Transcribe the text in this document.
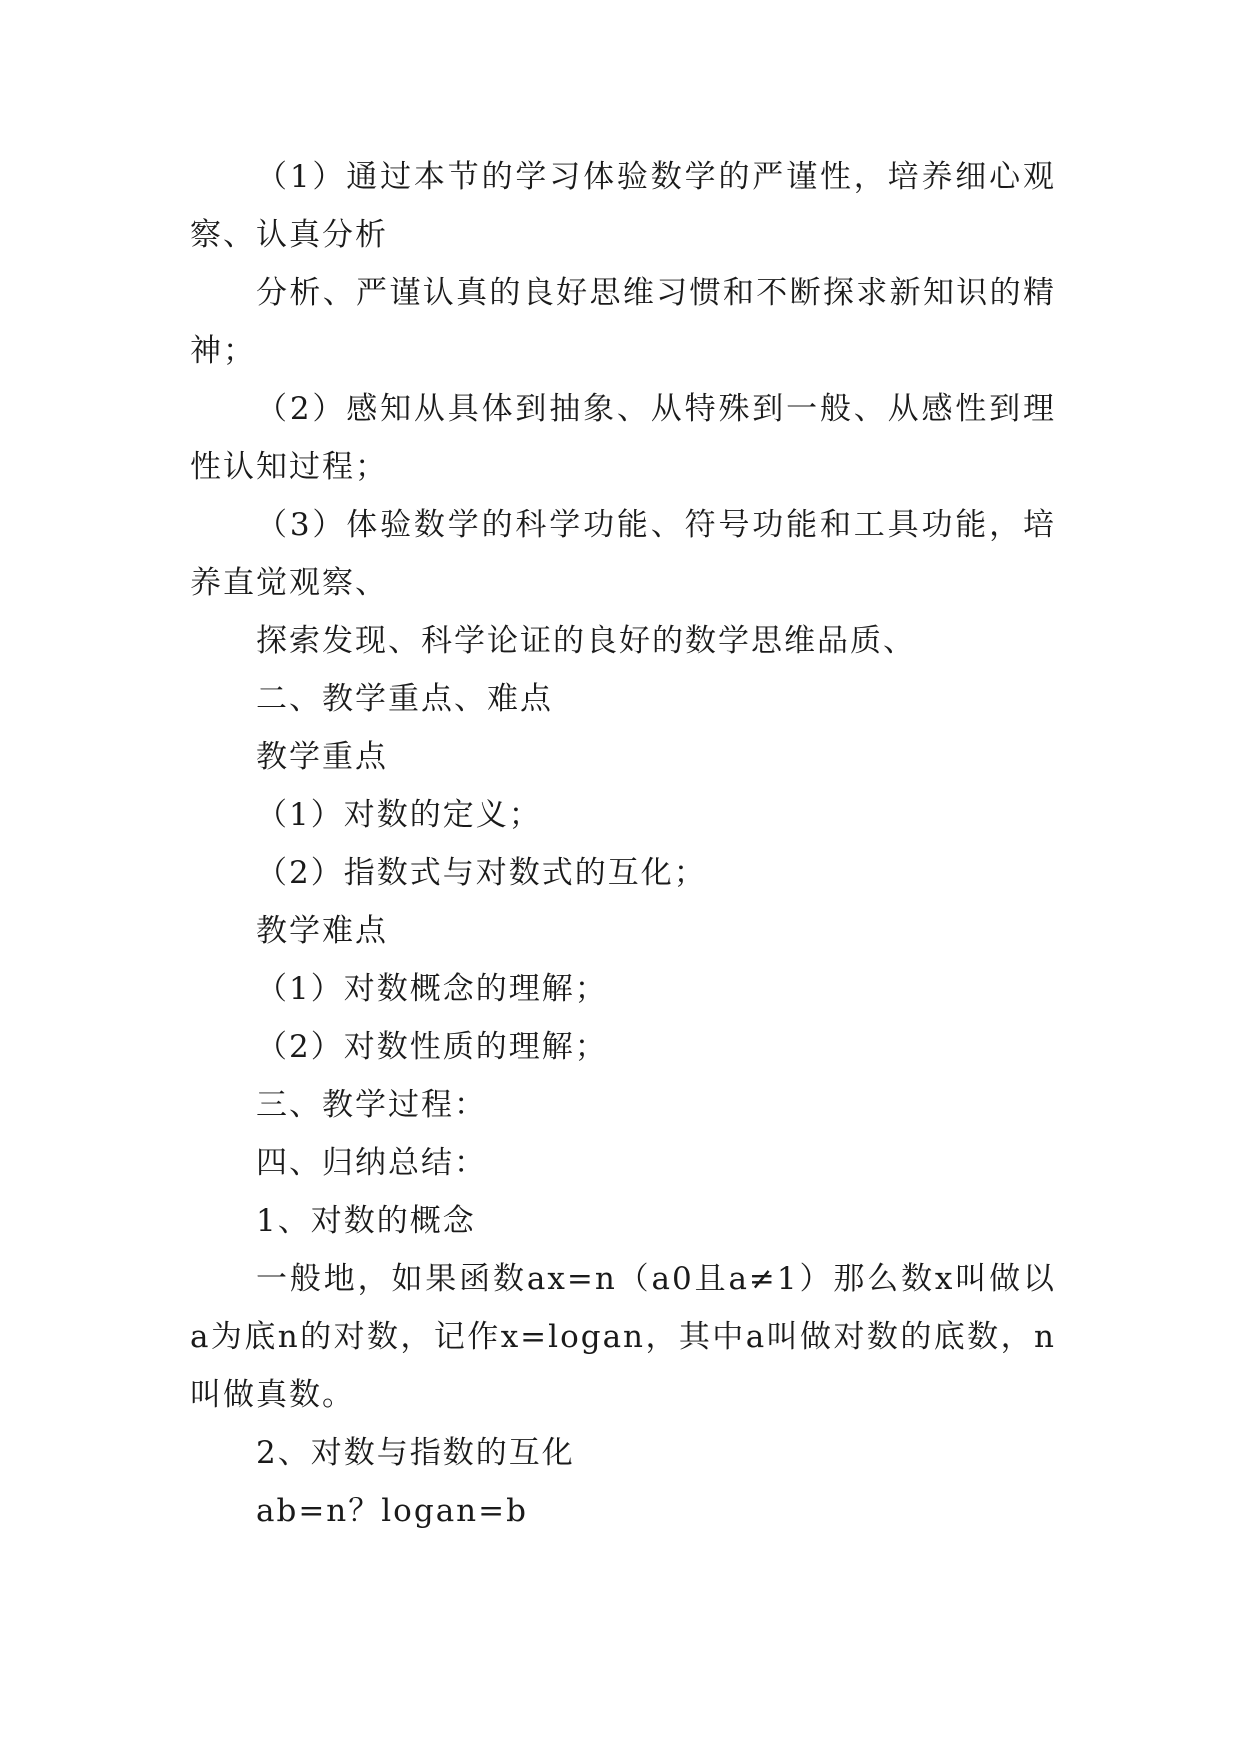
（1）通过本节的学习体验数学的严谨性，培养细心观察、认真分析

分析、严谨认真的良好思维习惯和不断探求新知识的精神；

（2）感知从具体到抽象、从特殊到一般、从感性到理性认知过程；

（3）体验数学的科学功能、符号功能和工具功能，培养直觉观察、

探索发现、科学论证的良好的数学思维品质、

二、教学重点、难点

教学重点

（1）对数的定义；

（2）指数式与对数式的互化；

教学难点

（1）对数概念的理解；

（2）对数性质的理解；

三、教学过程：

四、归纳总结：

1、对数的概念

一般地，如果函数ax=n（a0且a≠1）那么数x叫做以a为底n的对数，记作x=logan，其中a叫做对数的底数，n叫做真数。

2、对数与指数的互化

ab=n？logan=b
